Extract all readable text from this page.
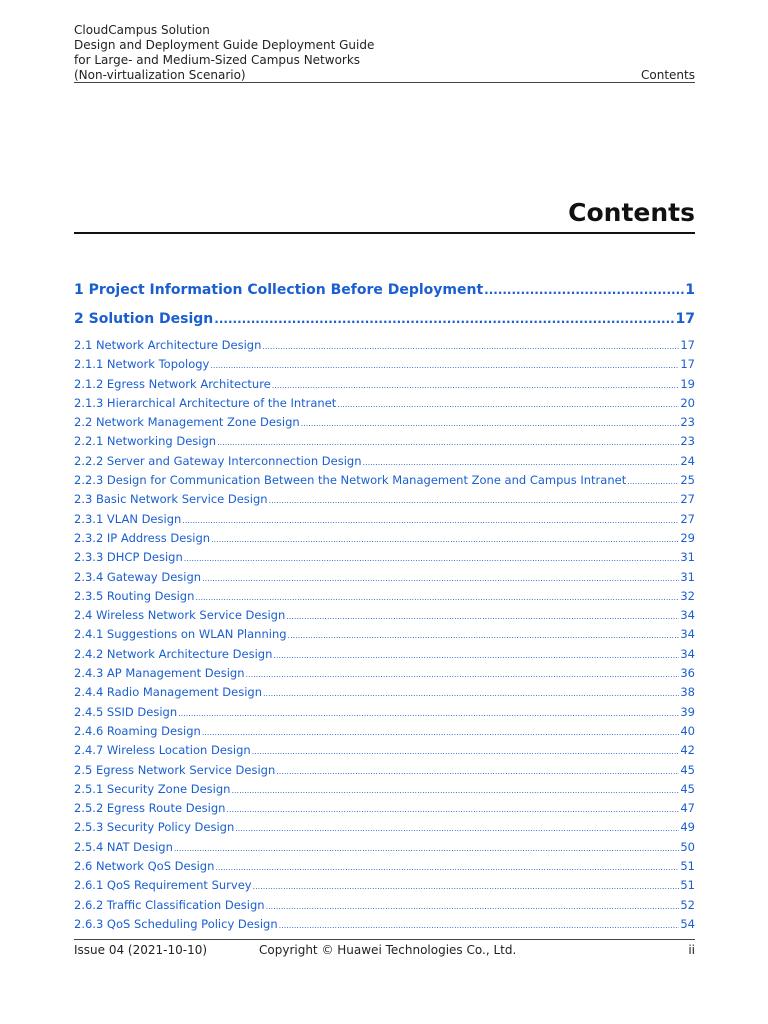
CloudCampus Solution
Design and Deployment Guide Deployment Guide
for Large- and Medium-Sized Campus Networks
(Non-virtualization Scenario)	Contents
Contents
1 Project Information Collection Before Deployment .....	1
2 Solution Design .....	17
2.1 Network Architecture Design .....	17
2.1.1 Network Topology .....	17
2.1.2 Egress Network Architecture .....	19
2.1.3 Hierarchical Architecture of the Intranet .....	20
2.2 Network Management Zone Design .....	23
2.2.1 Networking Design .....	23
2.2.2 Server and Gateway Interconnection Design .....	24
2.2.3 Design for Communication Between the Network Management Zone and Campus Intranet .....	25
2.3 Basic Network Service Design .....	27
2.3.1 VLAN Design .....	27
2.3.2 IP Address Design .....	29
2.3.3 DHCP Design .....	31
2.3.4 Gateway Design .....	31
2.3.5 Routing Design .....	32
2.4 Wireless Network Service Design .....	34
2.4.1 Suggestions on WLAN Planning .....	34
2.4.2 Network Architecture Design .....	34
2.4.3 AP Management Design .....	36
2.4.4 Radio Management Design .....	38
2.4.5 SSID Design .....	39
2.4.6 Roaming Design .....	40
2.4.7 Wireless Location Design .....	42
2.5 Egress Network Service Design .....	45
2.5.1 Security Zone Design .....	45
2.5.2 Egress Route Design .....	47
2.5.3 Security Policy Design .....	49
2.5.4 NAT Design .....	50
2.6 Network QoS Design .....	51
2.6.1 QoS Requirement Survey .....	51
2.6.2 Traffic Classification Design .....	52
2.6.3 QoS Scheduling Policy Design .....	54
Issue 04 (2021-10-10)	Copyright © Huawei Technologies Co., Ltd.	ii
